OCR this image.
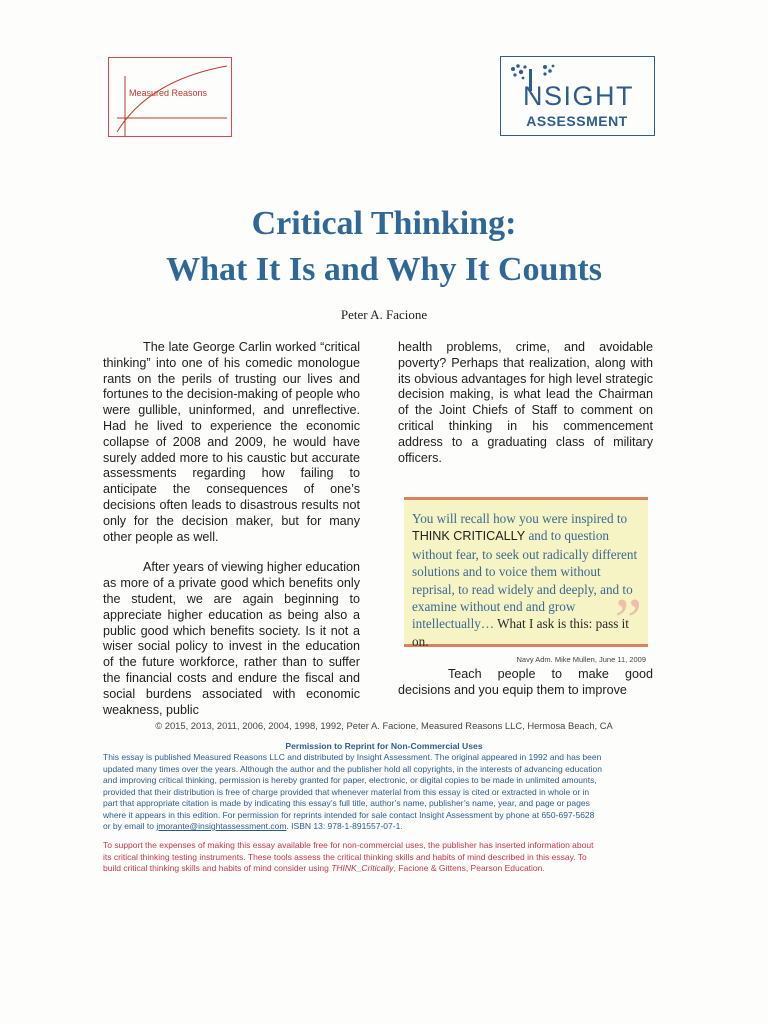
Measured Reasons	NSIGHT
ASSESSMENT
Critical Thinking:
What It Is and Why It Counts
Peter A. Facione

The late George Carlin worked “critical thinking” into one of his comedic monologue rants on the perils of trusting our lives and fortunes to the decision-making of people who were gullible, uninformed, and unreflective. Had he lived to experience the economic collapse of 2008 and 2009, he would have surely added more to his caustic but accurate assessments regarding how failing to anticipate the consequences of one’s decisions often leads to disastrous results not only for the decision maker, but for many other people as well.

After years of viewing higher education as more of a private good which benefits only the student, we are again beginning to appreciate higher education as being also a public good which benefits society. Is it not a wiser social policy to invest in the education of the future workforce, rather than to suffer the financial costs and endure the fiscal and social burdens associated with economic weakness, public

health problems, crime, and avoidable poverty? Perhaps that realization, along with its obvious advantages for high level strategic decision making, is what lead the Chairman of the Joint Chiefs of Staff to comment on critical thinking in his commencement address to a graduating class of military officers.

You will recall how you were inspired to THINK CRITICALLY and to question without fear, to seek out radically different solutions and to voice them without reprisal, to read widely and deeply, and to examine without end and grow intellectually… What I ask is this: pass it on.	”
Navy Adm. Mike Mullen, June 11, 2009

Teach people to make good decisions and you equip them to improve

© 2015, 2013, 2011, 2006, 2004, 1998, 1992, Peter A. Facione, Measured Reasons LLC, Hermosa Beach, CA
Permission to Reprint for Non-Commercial Uses
This essay is published Measured Reasons LLC and distributed by Insight Assessment. The original appeared in 1992 and has been
updated many times over the years. Although the author and the publisher hold all copyrights, in the interests of advancing education
and improving critical thinking, permission is hereby granted for paper, electronic, or digital copies to be made in unlimited amounts,
provided that their distribution is free of charge provided that whenever material from this essay is cited or extracted in whole or in
part that appropriate citation is made by indicating this essay’s full title, author’s name, publisher’s name, year, and page or pages
where it appears in this edition. For permission for reprints intended for sale contact Insight Assessment by phone at 650-697-5628
or by email to jmorante@insightassessment.com. ISBN 13: 978-1-891557-07-1.
To support the expenses of making this essay available free for non-commercial uses, the publisher has inserted information about
its critical thinking testing instruments. These tools assess the critical thinking skills and habits of mind described in this essay. To
build critical thinking skills and habits of mind consider using THINK_Critically, Facione & Gittens, Pearson Education.
